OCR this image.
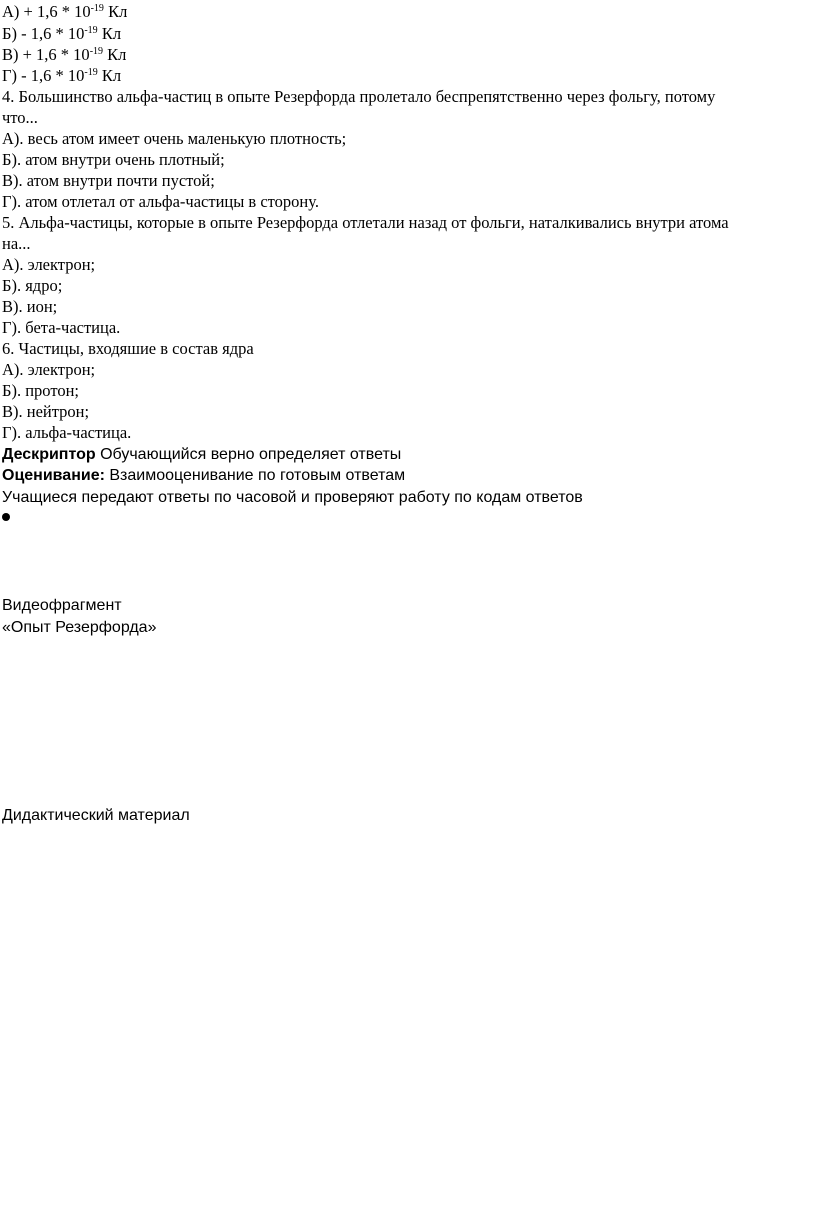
$А) + 1,6 * 10^{-19}$ Кл
$Б) - 1,6 * 10^{-19}$ Кл
$В) + 1,6 * 10^{-19}$ Кл
$Г) - 1,6 * 10^{-19}$ Кл
4. Большинство альфа-частиц в опыте Резерфорда пролетало беспрепятственно через фольгу, потому
что...
А). весь атом имеет очень маленькую плотность;
Б). атом внутри очень плотный;
В). атом внутри почти пустой;
Г). атом отлетал от альфа-частицы в сторону.
5. Альфа-частицы, которые в опыте Резерфорда отлетали назад от фольги, наталкивались внутри атома
на...
А). электрон;
Б). ядро;
В). ион;
Г). бета-частица.
6. Частицы, входяшие в состав ядра
А). электрон;
Б). протон;
В). нейтрон;
Г). альфа-частица.
Дескриптор Обучающийся верно определяет ответы
Оценивание: Взаимооценивание по готовым ответам
Учащиеся передают ответы по часовой и проверяют работу по кодам ответов
Видеофрагмент
«Опыт Резерфорда»
Дидактический материал
